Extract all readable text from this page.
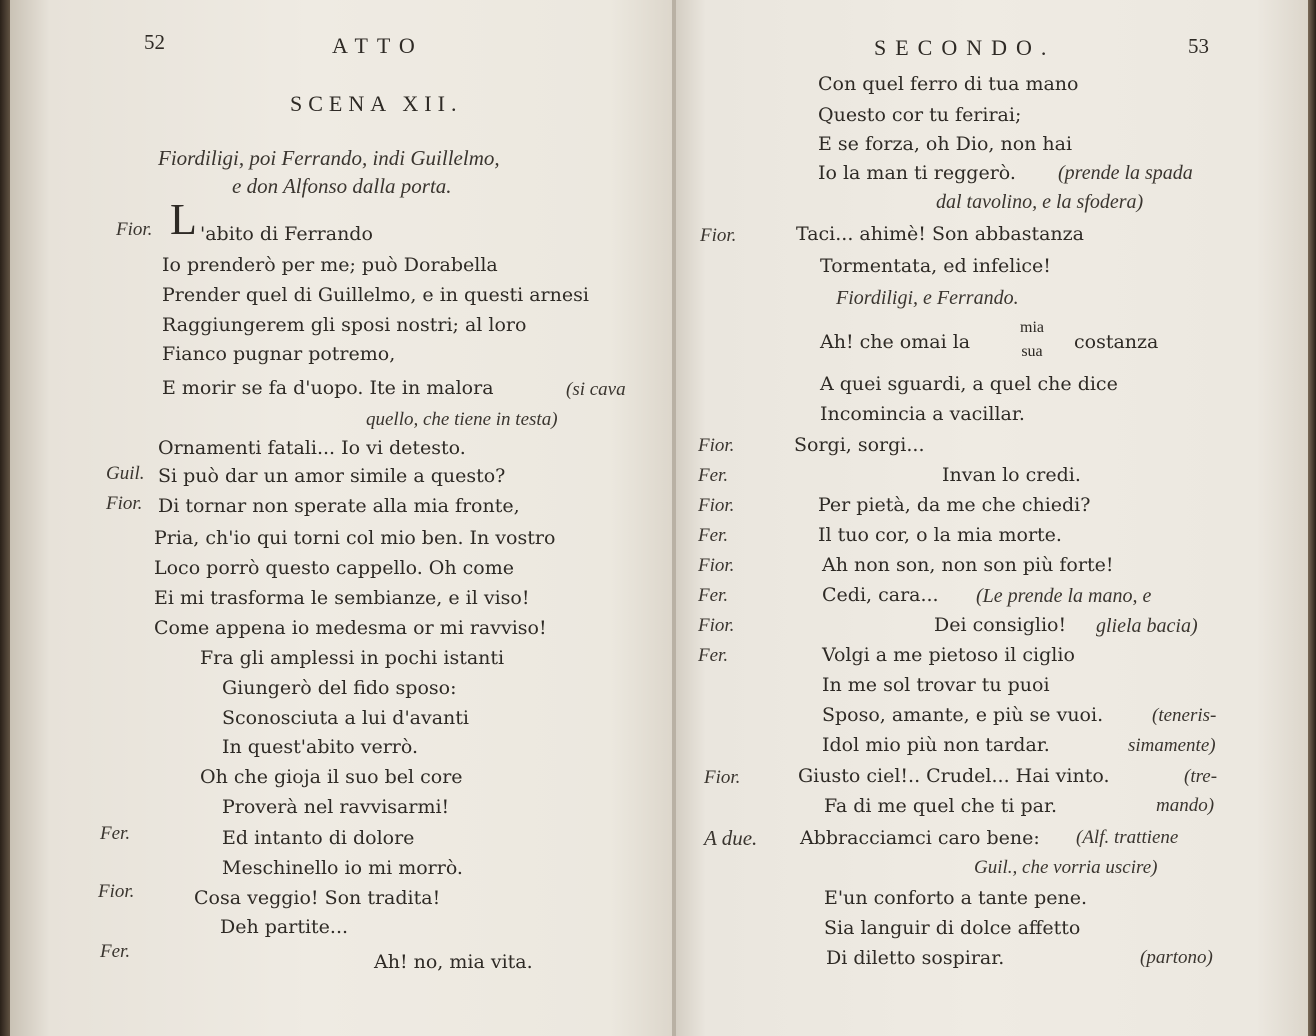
52	ATTO
SCENA XII.
Fiordiligi, poi Ferrando, indi Guillelmo,
e don Alfonso dalla porta.
Fior. L 'abito di Ferrando
Io prenderò per me; può Dorabella
Prender quel di Guillelmo, e in questi arnesi
Raggiungerem gli sposi nostri; al loro
Fianco pugnar potremo,
E morir se fa d'uopo. Ite in malora	(si cava
quello, che tiene in testa)
Ornamenti fatali... Io vi detesto.
Guil. Si può dar un amor simile a questo?
Fior. Di tornar non sperate alla mia fronte,
Pria, ch'io qui torni col mio ben. In vostro
Loco porrò questo cappello. Oh come
Ei mi trasforma le sembianze, e il viso!
Come appena io medesma or mi ravviso!
Fra gli amplessi in pochi istanti
Giungerò del fido sposo:
Sconosciuta a lui d'avanti
In quest'abito verrò.
Oh che gioja il suo bel core
Proverà nel ravvisarmi!
Fer.	Ed intanto di dolore
Meschinello io mi morrò.
Fior.	Cosa veggio! Son tradita!
Deh partite...
Fer.	Ah! no, mia vita.
SECONDO.	53
Con quel ferro di tua mano
Questo cor tu ferirai;
E se forza, oh Dio, non hai
Io la man ti reggerò. (prende la spada
dal tavolino, e la sfodera)
Fior.	Taci... ahimè! Son abbastanza
Tormentata, ed infelice!
Fiordiligi, e Ferrando.
Ah! che omai la
mia
sua	costanza
A quei sguardi, a quel che dice
Incomincia a vacillar.
Fior.	Sorgi, sorgi...
Fer.	Invan lo credi.
Fior.	Per pietà, da me che chiedi?
Fer.	Il tuo cor, o la mia morte.
Fior.	Ah non son, non son più forte!
Fer.	Cedi, cara... (Le prende la mano, e
Fior.	Dei consiglio! gliela bacia)
Fer.	Volgi a me pietoso il ciglio
In me sol trovar tu puoi
Sposo, amante, e più se vuoi.	(teneris-
Idol mio più non tardar.	simamente)
Fior.	Giusto ciel!.. Crudel... Hai vinto.	(tre-
Fa di me quel che ti par.	mando)
A due. Abbracciamci caro bene: (Alf. trattiene
Guil., che vorria uscire)
E'un conforto a tante pene.
Sia languir di dolce affetto
Di diletto sospirar.	(partono)
